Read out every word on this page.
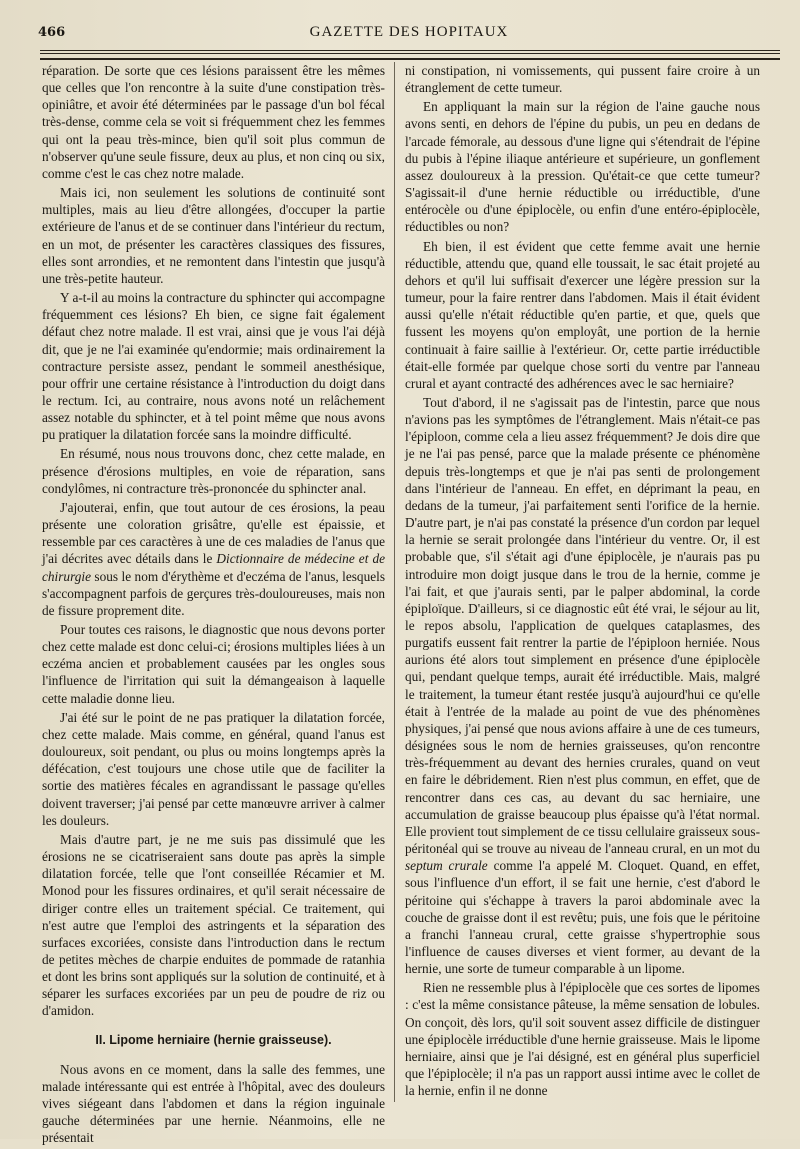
466	GAZETTE DES HOPITAUX

réparation. De sorte que ces lésions paraissent être les mêmes que celles que l'on rencontre à la suite d'une constipation très-opiniâtre, et avoir été déterminées par le passage d'un bol fécal très-dense, comme cela se voit si fréquemment chez les femmes qui ont la peau très-mince, bien qu'il soit plus commun de n'observer qu'une seule fissure, deux au plus, et non cinq ou six, comme c'est le cas chez notre malade.

Mais ici, non seulement les solutions de continuité sont multiples, mais au lieu d'être allongées, d'occuper la partie extérieure de l'anus et de se continuer dans l'intérieur du rectum, en un mot, de présenter les caractères classiques des fissures, elles sont arrondies, et ne remontent dans l'intestin que jusqu'à une très-petite hauteur.

Y a-t-il au moins la contracture du sphincter qui accompagne fréquemment ces lésions? Eh bien, ce signe fait également défaut chez notre malade. Il est vrai, ainsi que je vous l'ai déjà dit, que je ne l'ai examinée qu'endormie; mais ordinairement la contracture persiste assez, pendant le sommeil anesthésique, pour offrir une certaine résistance à l'introduction du doigt dans le rectum. Ici, au contraire, nous avons noté un relâchement assez notable du sphincter, et à tel point même que nous avons pu pratiquer la dilatation forcée sans la moindre difficulté.

En résumé, nous nous trouvons donc, chez cette malade, en présence d'érosions multiples, en voie de réparation, sans condylômes, ni contracture très-prononcée du sphincter anal.

J'ajouterai, enfin, que tout autour de ces érosions, la peau présente une coloration grisâtre, qu'elle est épaissie, et ressemble par ces caractères à une de ces maladies de l'anus que j'ai décrites avec détails dans le Dictionnaire de médecine et de chirurgie sous le nom d'érythème et d'eczéma de l'anus, lesquels s'accompagnent parfois de gerçures très-douloureuses, mais non de fissure proprement dite.

Pour toutes ces raisons, le diagnostic que nous devons porter chez cette malade est donc celui-ci; érosions multiples liées à un eczéma ancien et probablement causées par les ongles sous l'influence de l'irritation qui suit la démangeaison à laquelle cette maladie donne lieu.

J'ai été sur le point de ne pas pratiquer la dilatation forcée, chez cette malade. Mais comme, en général, quand l'anus est douloureux, soit pendant, ou plus ou moins longtemps après la défécation, c'est toujours une chose utile que de faciliter la sortie des matières fécales en agrandissant le passage qu'elles doivent traverser; j'ai pensé par cette manœuvre arriver à calmer les douleurs.

Mais d'autre part, je ne me suis pas dissimulé que les érosions ne se cicatriseraient sans doute pas après la simple dilatation forcée, telle que l'ont conseillée Récamier et M. Monod pour les fissures ordinaires, et qu'il serait nécessaire de diriger contre elles un traitement spécial. Ce traitement, qui n'est autre que l'emploi des astringents et la séparation des surfaces excoriées, consiste dans l'introduction dans le rectum de petites mèches de charpie enduites de pommade de ratanhia et dont les brins sont appliqués sur la solution de continuité, et à séparer les surfaces excoriées par un peu de poudre de riz ou d'amidon.

II. Lipome herniaire (hernie graisseuse).

Nous avons en ce moment, dans la salle des femmes, une malade intéressante qui est entrée à l'hôpital, avec des douleurs vives siégeant dans l'abdomen et dans la région inguinale gauche déterminées par une hernie. Néanmoins, elle ne présentait

ni constipation, ni vomissements, qui pussent faire croire à un étranglement de cette tumeur.

En appliquant la main sur la région de l'aine gauche nous avons senti, en dehors de l'épine du pubis, un peu en dedans de l'arcade fémorale, au dessous d'une ligne qui s'étendrait de l'épine du pubis à l'épine iliaque antérieure et supérieure, un gonflement assez douloureux à la pression. Qu'était-ce que cette tumeur? S'agissait-il d'une hernie réductible ou irréductible, d'une entérocèle ou d'une épiplocèle, ou enfin d'une entéro-épiplocèle, réductibles ou non?

Eh bien, il est évident que cette femme avait une hernie réductible, attendu que, quand elle toussait, le sac était projeté au dehors et qu'il lui suffisait d'exercer une légère pression sur la tumeur, pour la faire rentrer dans l'abdomen. Mais il était évident aussi qu'elle n'était réductible qu'en partie, et que, quels que fussent les moyens qu'on employât, une portion de la hernie continuait à faire saillie à l'extérieur. Or, cette partie irréductible était-elle formée par quelque chose sorti du ventre par l'anneau crural et ayant contracté des adhérences avec le sac herniaire?

Tout d'abord, il ne s'agissait pas de l'intestin, parce que nous n'avions pas les symptômes de l'étranglement. Mais n'était-ce pas l'épiploon, comme cela a lieu assez fréquemment? Je dois dire que je ne l'ai pas pensé, parce que la malade présente ce phénomène depuis très-longtemps et que je n'ai pas senti de prolongement dans l'intérieur de l'anneau. En effet, en déprimant la peau, en dedans de la tumeur, j'ai parfaitement senti l'orifice de la hernie. D'autre part, je n'ai pas constaté la présence d'un cordon par lequel la hernie se serait prolongée dans l'intérieur du ventre. Or, il est probable que, s'il s'était agi d'une épiplocèle, je n'aurais pas pu introduire mon doigt jusque dans le trou de la hernie, comme je l'ai fait, et que j'aurais senti, par le palper abdominal, la corde épiploïque. D'ailleurs, si ce diagnostic eût été vrai, le séjour au lit, le repos absolu, l'application de quelques cataplasmes, des purgatifs eussent fait rentrer la partie de l'épiploon herniée. Nous aurions été alors tout simplement en présence d'une épiplocèle qui, pendant quelque temps, aurait été irréductible. Mais, malgré le traitement, la tumeur étant restée jusqu'à aujourd'hui ce qu'elle était à l'entrée de la malade au point de vue des phénomènes physiques, j'ai pensé que nous avions affaire à une de ces tumeurs, désignées sous le nom de hernies graisseuses, qu'on rencontre très-fréquemment au devant des hernies crurales, quand on veut en faire le débridement. Rien n'est plus commun, en effet, que de rencontrer dans ces cas, au devant du sac herniaire, une accumulation de graisse beaucoup plus épaisse qu'à l'état normal. Elle provient tout simplement de ce tissu cellulaire graisseux sous-péritonéal qui se trouve au niveau de l'anneau crural, en un mot du septum crurale comme l'a appelé M. Cloquet. Quand, en effet, sous l'influence d'un effort, il se fait une hernie, c'est d'abord le péritoine qui s'échappe à travers la paroi abdominale avec la couche de graisse dont il est revêtu; puis, une fois que le péritoine a franchi l'anneau crural, cette graisse s'hypertrophie sous l'influence de causes diverses et vient former, au devant de la hernie, une sorte de tumeur comparable à un lipome.

Rien ne ressemble plus à l'épiplocèle que ces sortes de lipomes : c'est la même consistance pâteuse, la même sensation de lobules. On conçoit, dès lors, qu'il soit souvent assez difficile de distinguer une épiplocèle irréductible d'une hernie graisseuse. Mais le lipome herniaire, ainsi que je l'ai désigné, est en général plus superficiel que l'épiplocèle; il n'a pas un rapport aussi intime avec le collet de la hernie, enfin il ne donne
